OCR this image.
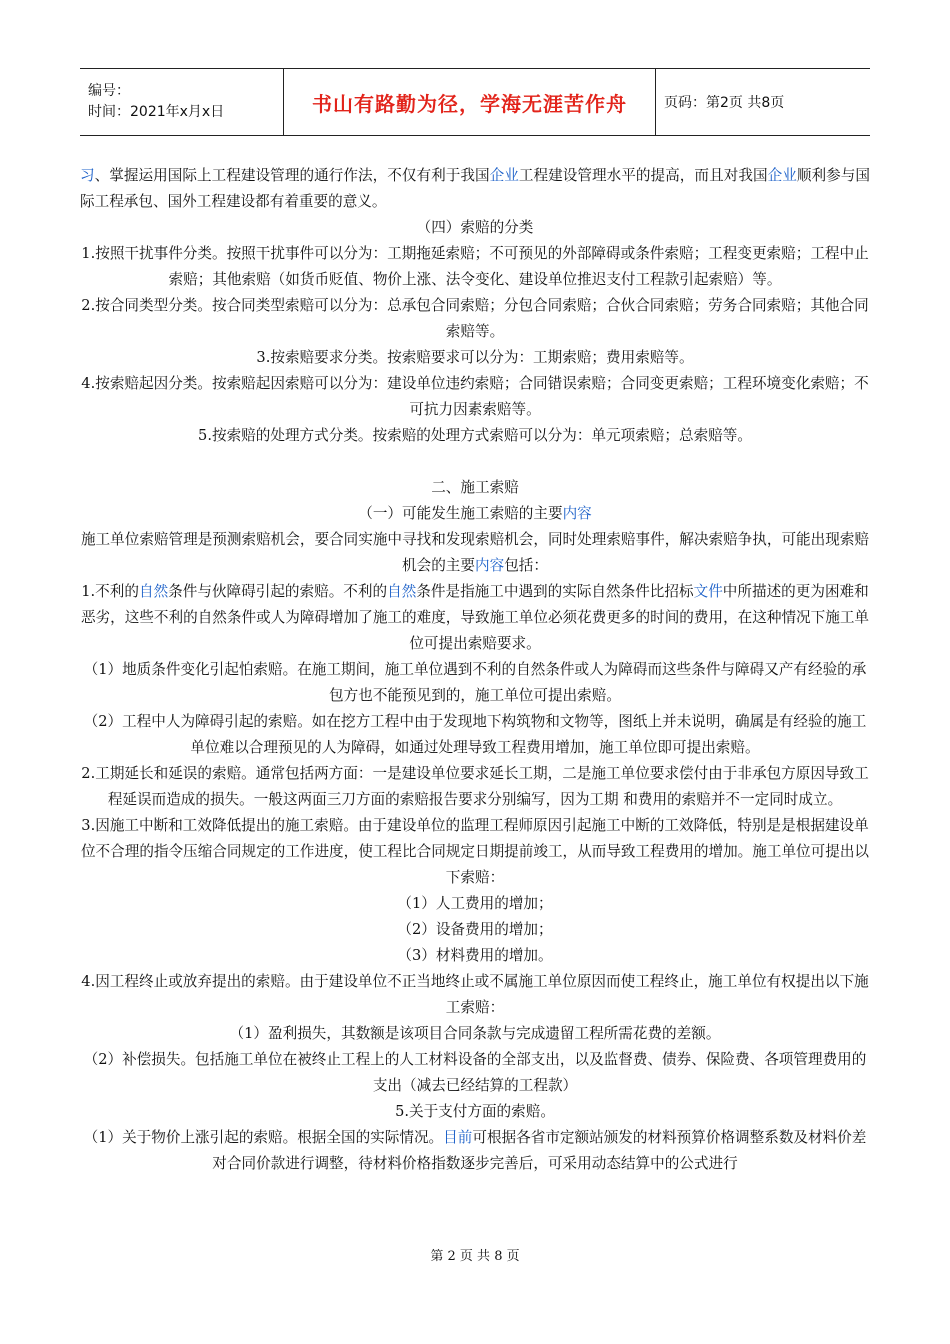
编号：
时间：2021年x月x日	书山有路勤为径，学海无涯苦作舟	页码：第2页 共8页

习、掌握运用国际上工程建设管理的通行作法，不仅有利于我国企业工程建设管理水平的提高，而且对我国企业顺利参与国际工程承包、国外工程建设都有着重要的意义。

（四）索赔的分类

1.按照干扰事件分类。按照干扰事件可以分为：工期拖延索赔；不可预见的外部障碍或条件索赔；工程变更索赔；工程中止索赔；其他索赔（如货币贬值、物价上涨、法令变化、建设单位推迟支付工程款引起索赔）等。

2.按合同类型分类。按合同类型索赔可以分为：总承包合同索赔；分包合同索赔；合伙合同索赔；劳务合同索赔；其他合同索赔等。

3.按索赔要求分类。按索赔要求可以分为：工期索赔；费用索赔等。

4.按索赔起因分类。按索赔起因索赔可以分为：建设单位违约索赔；合同错误索赔；合同变更索赔；工程环境变化索赔；不可抗力因素索赔等。

5.按索赔的处理方式分类。按索赔的处理方式索赔可以分为：单元项索赔；总索赔等。

二、施工索赔

（一）可能发生施工索赔的主要内容

施工单位索赔管理是预测索赔机会，要合同实施中寻找和发现索赔机会，同时处理索赔事件，解决索赔争执，可能出现索赔机会的主要内容包括：

1.不利的自然条件与伙障碍引起的索赔。不利的自然条件是指施工中遇到的实际自然条件比招标文件中所描述的更为困难和恶劣，这些不利的自然条件或人为障碍增加了施工的难度，导致施工单位必须花费更多的时间的费用，在这种情况下施工单位可提出索赔要求。

（1）地质条件变化引起怕索赔。在施工期间，施工单位遇到不利的自然条件或人为障碍而这些条件与障碍又产有经验的承包方也不能预见到的，施工单位可提出索赔。

（2）工程中人为障碍引起的索赔。如在挖方工程中由于发现地下构筑物和文物等，图纸上并未说明，确属是有经验的施工单位难以合理预见的人为障碍，如通过处理导致工程费用增加，施工单位即可提出索赔。

2.工期延长和延误的索赔。通常包括两方面：一是建设单位要求延长工期，二是施工单位要求偿付由于非承包方原因导致工程延误而造成的损失。一般这两面三刀方面的索赔报告要求分别编写，因为工期 和费用的索赔并不一定同时成立。

3.因施工中断和工效降低提出的施工索赔。由于建设单位的监理工程师原因引起施工中断的工效降低，特别是是根据建设单位不合理的指令压缩合同规定的工作进度，使工程比合同规定日期提前竣工，从而导致工程费用的增加。施工单位可提出以下索赔：

（1）人工费用的增加；

（2）设备费用的增加；

（3）材料费用的增加。

4.因工程终止或放弃提出的索赔。由于建设单位不正当地终止或不属施工单位原因而使工程终止，施工单位有权提出以下施工索赔：

（1）盈利损失，其数额是该项目合同条款与完成遗留工程所需花费的差额。

（2）补偿损失。包括施工单位在被终止工程上的人工材料设备的全部支出，以及监督费、债券、保险费、各项管理费用的支出（减去已经结算的工程款）

5.关于支付方面的索赔。

（1）关于物价上涨引起的索赔。根据全国的实际情况。目前可根据各省市定额站颁发的材料预算价格调整系数及材料价差对合同价款进行调整，待材料价格指数逐步完善后，可采用动态结算中的公式进行

第 2 页 共 8 页
